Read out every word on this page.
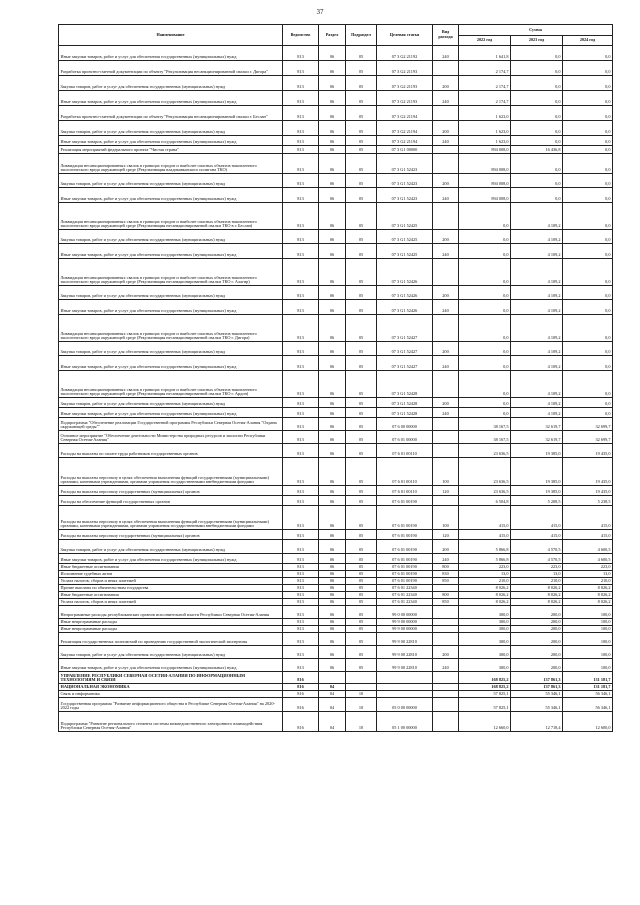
37
Наименование	Ведомство	Раздел	Подраздел	Целевая статья	Вид расхода	Сумма		
						2022 год	2023 год	2024 год
Иные закупки товаров, работ и услуг для обеспечения государственных (муниципальных) нужд	813	06	05	07 3 G2 21192	240	1 641,8	0,0	0,0
Разработка проектно-сметной документации по объекту "Рекультивация несанкционированной свалки г. Дигора"	813	06	05	07 3 G2 21193		2 174,7	0,0	0,0
Закупка товаров, работ и услуг для обеспечения государственных (муниципальных) нужд	813	06	05	07 3 G2 21193	200	2 174,7	0,0	0,0
Иные закупки товаров, работ и услуг для обеспечения государственных (муниципальных) нужд	813	06	05	07 3 G2 21193	240	2 174,7	0,0	0,0
Разработка проектно-сметной документации по объекту "Рекультивация несанкционированной свалки г. Беслан"	813	06	05	07 3 G2 21194		1 623,0	0,0	0,0
Закупка товаров, работ и услуг для обеспечения государственных (муниципальных) нужд	813	06	05	07 3 G2 21194	200	1 623,0	0,0	0,0
Иные закупки товаров, работ и услуг для обеспечения государственных (муниципальных) нужд	813	06	05	07 3 G2 21194	240	1 623,0	0,0	0,0
Реализация мероприятий федерального проекта "Чистая страна"	813	06	05	07 3 G1 00000		894 008,0	16 436,8	0,0
Ликвидация несанкционированных свалок в границах городов и наиболее опасных объектов накопленного экологического вреда окружающей среде (Рекультивация владикавказского полигона ТКО)	813	06	05	07 3 G1 52423		894 008,0	0,0	0,0
Закупка товаров, работ и услуг для обеспечения государственных (муниципальных) нужд	813	06	05	07 3 G1 52423	200	894 008,0	0,0	0,0
Иные закупки товаров, работ и услуг для обеспечения государственных (муниципальных) нужд	813	06	05	07 3 G1 52423	240	894 008,0	0,0	0,0
Ликвидация несанкционированных свалок в границах городов и наиболее опасных объектов накопленного экологического вреда окружающей среде (Рекультивация несанкционированной свалки ТКО в г. Беслан)	813	06	05	07 3 G1 52425		0,0	4 109,2	0,0
Закупка товаров, работ и услуг для обеспечения государственных (муниципальных) нужд	813	06	05	07 3 G1 52425	200	0,0	4 109,2	0,0
Иные закупки товаров, работ и услуг для обеспечения государственных (муниципальных) нужд	813	06	05	07 3 G1 52425	240	0,0	4 109,2	0,0
Ликвидация несанкционированных свалок в границах городов и наиболее опасных объектов накопленного экологического вреда окружающей среде (Рекультивация несанкционированной свалки ТКО г. Алагир)	813	06	05	07 3 G1 52426		0,0	4 109,2	0,0
Закупка товаров, работ и услуг для обеспечения государственных (муниципальных) нужд	813	06	05	07 3 G1 52426	200	0,0	4 109,2	0,0
Иные закупки товаров, работ и услуг для обеспечения государственных (муниципальных) нужд	813	06	05	07 3 G1 52426	240	0,0	4 109,2	0,0
Ликвидация несанкционированных свалок в границах городов и наиболее опасных объектов накопленного экологического вреда окружающей среде (Рекультивация несанкционированной свалки ТКО г. Дигора)	813	06	05	07 3 G1 52427		0,0	4 109,2	0,0
Закупка товаров, работ и услуг для обеспечения государственных (муниципальных) нужд	813	06	05	07 3 G1 52427	200	0,0	4 109,2	0,0
Иные закупки товаров, работ и услуг для обеспечения государственных (муниципальных) нужд	813	06	05	07 3 G1 52427	240	0,0	4 109,2	0,0
Ликвидация несанкционированных свалок в границах городов и наиболее опасных объектов накопленного экологического вреда окружающей среде (Рекультивация несанкционированной свалки ТКО г. Ардон)	813	06	05	07 3 G1 52428		0,0	4 109,2	0,0
Закупка товаров, работ и услуг для обеспечения государственных (муниципальных) нужд	813	06	05	07 3 G1 52428	200	0,0	4 109,2	0,0
Иные закупки товаров, работ и услуг для обеспечения государственных (муниципальных) нужд	813	06	05	07 3 G1 52428	240	0,0	4 109,2	0,0
Подпрограмма "Обеспечение реализации Государственной программы Республики Северная Осетия-Алания "Охрана окружающей среды""	813	06	05	07 6 00 00000		38 167,5	32 619,7	32 699,7
Основное мероприятие "Обеспечение деятельности Министерства природных ресурсов и экологии Республики Северная Осетия-Алания"	813	06	05	07 6 01 00000		38 167,5	32 619,7	32 699,7
Расходы на выплаты по оплате труда работников государственных органов	813	06	05	07 6 01 00110		23 636,5	19 385,0	19 435,0
Расходы на выплаты персоналу в целях обеспечения выполнения функций государственными (муниципальными) органами, казенными учреждениями, органами управления государственными внебюджетными фондами	813	06	05	07 6 01 00110	100	23 636,5	19 385,0	19 435,0
Расходы на выплаты персоналу государственных (муниципальных) органов	813	06	05	07 6 01 00110	120	23 636,5	19 385,0	19 435,0
Расходы на обеспечение функций государственных органов	813	06	05	07 6 01 00190		6 504,8	5 208,5	5 238,5
Расходы на выплаты персоналу в целях обеспечения выполнения функций государственными (муниципальными) органами, казенными учреждениями, органами управления государственными внебюджетными фондами	813	06	05	07 6 01 00190	100	415,0	415,0	415,0
Расходы на выплаты персоналу государственных (муниципальных) органов	813	06	05	07 6 01 00190	120	415,0	415,0	415,0
Закупка товаров, работ и услуг для обеспечения государственных (муниципальных) нужд	813	06	05	07 6 01 00190	200	5 866,8	4 570,5	4 600,5
Иные закупки товаров, работ и услуг для обеспечения государственных (муниципальных) нужд	813	06	05	07 6 01 00190	240	5 866,8	4 570,5	4 600,5
Иные бюджетные ассигнования	813	06	05	07 6 01 00190	800	223,0	223,0	223,0
Исполнение судебных актов	813	06	05	07 6 01 00190	830	13,0	13,0	13,0
Уплата налогов, сборов и иных платежей	813	06	05	07 6 01 00190	850	210,0	210,0	210,0
Прочие выплаты по обязательствам государства	813	06	05	07 6 01 22340		8 026,2	8 026,2	8 026,2
Иные бюджетные ассигнования	813	06	05	07 6 01 22340	800	8 026,2	8 026,2	8 026,2
Уплата налогов, сборов и иных платежей	813	06	05	07 6 01 22340	850	8 026,2	8 026,2	8 026,2
Непрограммные расходы республиканских органов исполнительной власти Республики Северная Осетия-Алания	813	06	05	99 0 00 00000		300,0	200,0	100,0
Иные непрограммные расходы	813	06	05	99 9 00 00000		300,0	200,0	100,0
Иные непрограммные расходы	813	06	05	99 9 00 00000		300,0	200,0	100,0
Реализация государственных полномочий по проведению государственной экологической экспертизы	813	06	05	99 9 00 22810		300,0	200,0	100,0
Закупка товаров, работ и услуг для обеспечения государственных (муниципальных) нужд	813	06	05	99 9 00 22810	200	300,0	200,0	100,0
Иные закупки товаров, работ и услуг для обеспечения государственных (муниципальных) нужд	813	06	05	99 9 00 22810	240	300,0	200,0	100,0
УПРАВЛЕНИЕ РЕСПУБЛИКИ СЕВЕРНАЯ ОСЕТИЯ-АЛАНИЯ ПО ИНФОРМАЦИОННЫМ ТЕХНОЛОГИЯМ И СВЯЗИ	816					168 825,2	137 861,3	131 181,7
НАЦИОНАЛЬНАЯ ЭКОНОМИКА	816	04				168 825,2	137 861,3	131 181,7
Связь и информатика	816	04	10			57 825,1	55 346,1	56 346,1
Государственная программа "Развитие информационного общества в Республике Северная Осетия-Алания" на 2020-2022 годы	816	04	10	05 0 00 00000		57 825,1	55 346,1	56 346,1
Подпрограмма "Развитие регионального сегмента системы межведомственного электронного взаимодействия Республики Северная Осетия-Алания"	816	04	10	05 1 00 00000		12 660,0	12 718,4	12 600,0
